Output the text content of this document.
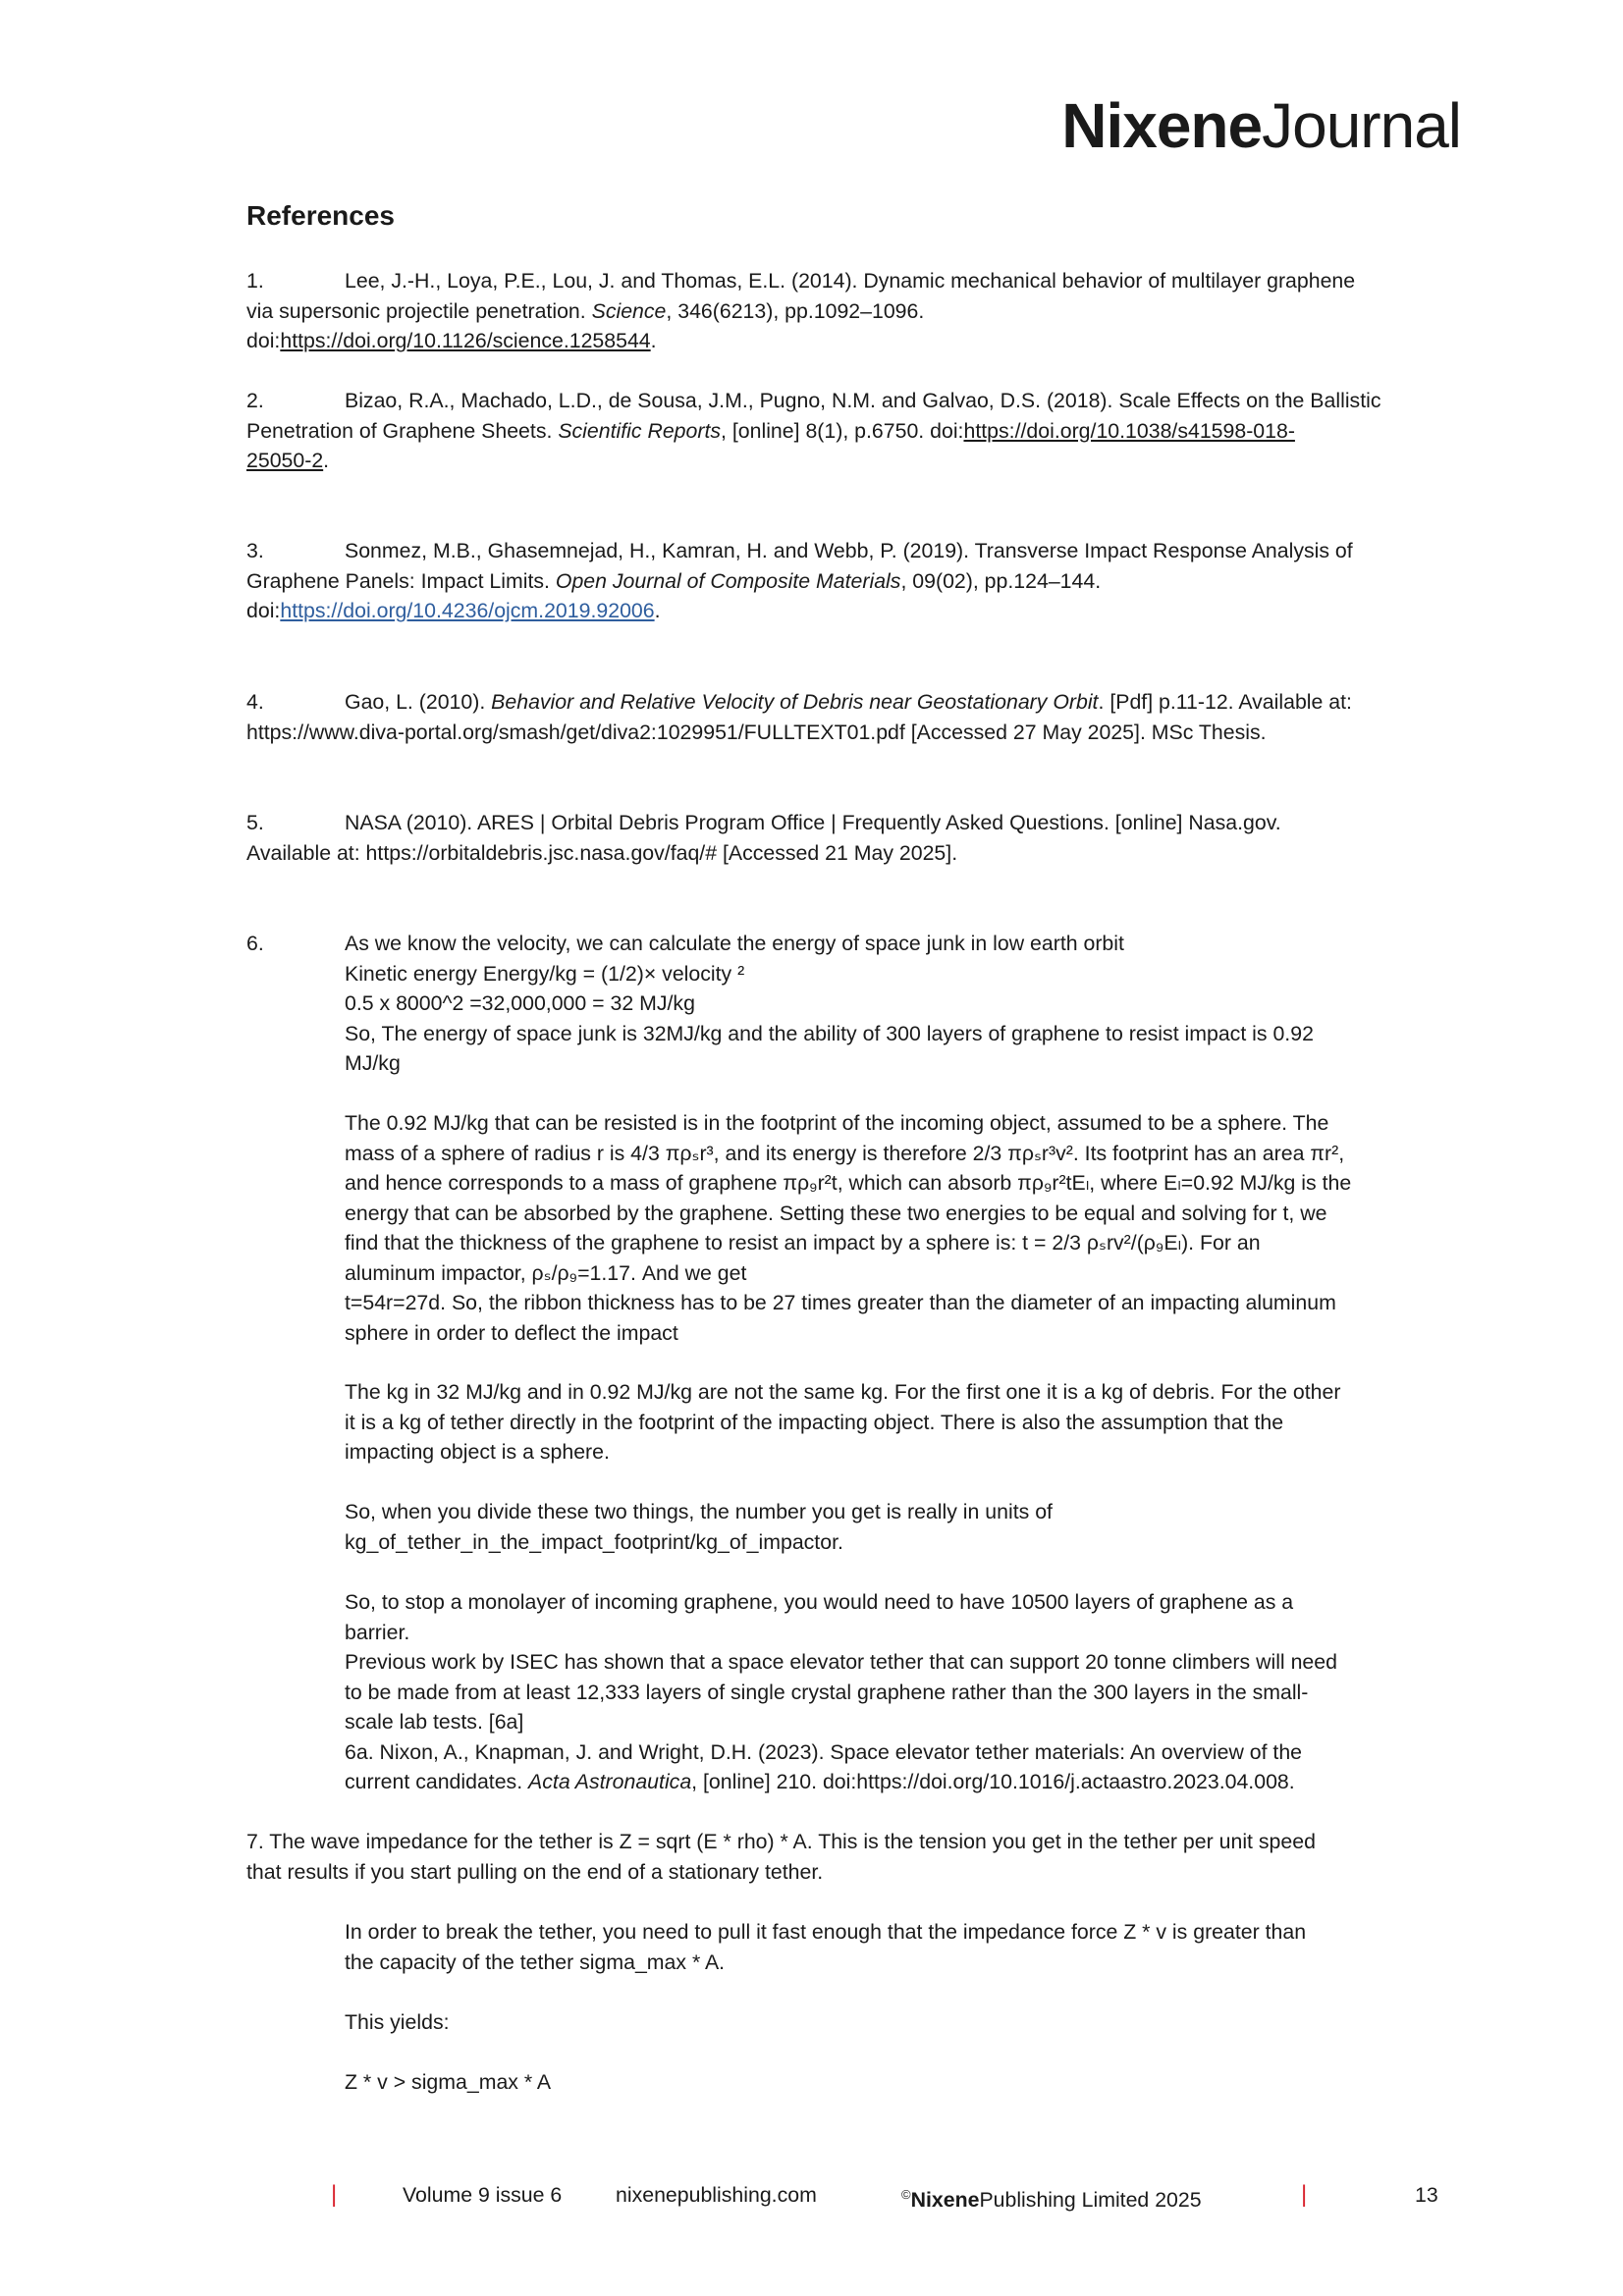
NixeneJournal
References

1.	Lee, J.-H., Loya, P.E., Lou, J. and Thomas, E.L. (2014). Dynamic mechanical behavior of multilayer graphene

via supersonic projectile penetration. Science, 346(6213), pp.1092–1096.

doi:https://doi.org/10.1126/science.1258544.

2.	Bizao, R.A., Machado, L.D., de Sousa, J.M., Pugno, N.M. and Galvao, D.S. (2018). Scale Effects on the Ballistic

Penetration of Graphene Sheets. Scientific Reports, [online] 8(1), p.6750. doi:https://doi.org/10.1038/s41598-018-

25050-2.

3.	Sonmez, M.B., Ghasemnejad, H., Kamran, H. and Webb, P. (2019). Transverse Impact Response Analysis of

Graphene Panels: Impact Limits. Open Journal of Composite Materials, 09(02), pp.124–144.

doi:https://doi.org/10.4236/ojcm.2019.92006.

4.	Gao, L. (2010). Behavior and Relative Velocity of Debris near Geostationary Orbit. [Pdf] p.11-12. Available at:

https://www.diva-portal.org/smash/get/diva2:1029951/FULLTEXT01.pdf [Accessed 27 May 2025]. MSc Thesis.

5.	NASA (2010). ARES | Orbital Debris Program Office | Frequently Asked Questions. [online] Nasa.gov.

Available at: https://orbitaldebris.jsc.nasa.gov/faq/# [Accessed 21 May 2025].

6.	As we know the velocity, we can calculate the energy of space junk in low earth orbit

Kinetic energy Energy/kg = (1/2)× velocity ²

0.5 x 8000^2 =32,000,000 = 32 MJ/kg

So, The energy of space junk is 32MJ/kg and the ability of 300 layers of graphene to resist impact is 0.92

MJ/kg

The 0.92 MJ/kg that can be resisted is in the footprint of the incoming object, assumed to be a sphere. The

mass of a sphere of radius r is 4/3 πρₛr³, and its energy is therefore 2/3 πρₛr³v². Its footprint has an area πr²,

and hence corresponds to a mass of graphene πρ₉r²t, which can absorb πρ₉r²tEₗ, where Eₗ=0.92 MJ/kg is the

energy that can be absorbed by the graphene. Setting these two energies to be equal and solving for t, we

find that the thickness of the graphene to resist an impact by a sphere is: t = 2/3 ρₛrv²/(ρ₉Eₗ). For an

aluminum impactor, ρₛ/ρ₉=1.17. And we get

t=54r=27d. So, the ribbon thickness has to be 27 times greater than the diameter of an impacting aluminum

sphere in order to deflect the impact

The kg in 32 MJ/kg and in 0.92 MJ/kg are not the same kg. For the first one it is a kg of debris. For the other

it is a kg of tether directly in the footprint of the impacting object. There is also the assumption that the

impacting object is a sphere.

So, when you divide these two things, the number you get is really in units of

kg_of_tether_in_the_impact_footprint/kg_of_impactor.

So, to stop a monolayer of incoming graphene, you would need to have 10500 layers of graphene as a

barrier.

Previous work by ISEC has shown that a space elevator tether that can support 20 tonne climbers will need

to be made from at least 12,333 layers of single crystal graphene rather than the 300 layers in the small-

scale lab tests. [6a]

6a. Nixon, A., Knapman, J. and Wright, D.H. (2023). Space elevator tether materials: An overview of the

current candidates. Acta Astronautica, [online] 210. doi:https://doi.org/10.1016/j.actaastro.2023.04.008.

7. The wave impedance for the tether is Z = sqrt (E * rho) * A. This is the tension you get in the tether per unit speed

that results if you start pulling on the end of a stationary tether.

In order to break the tether, you need to pull it fast enough that the impedance force Z * v is greater than

the capacity of the tether sigma_max * A.

This yields:
Z * v > sigma_max * A
|	Volume 9 issue 6	nixenepublishing.com	©NixenePublishing Limited 2025	|	13
